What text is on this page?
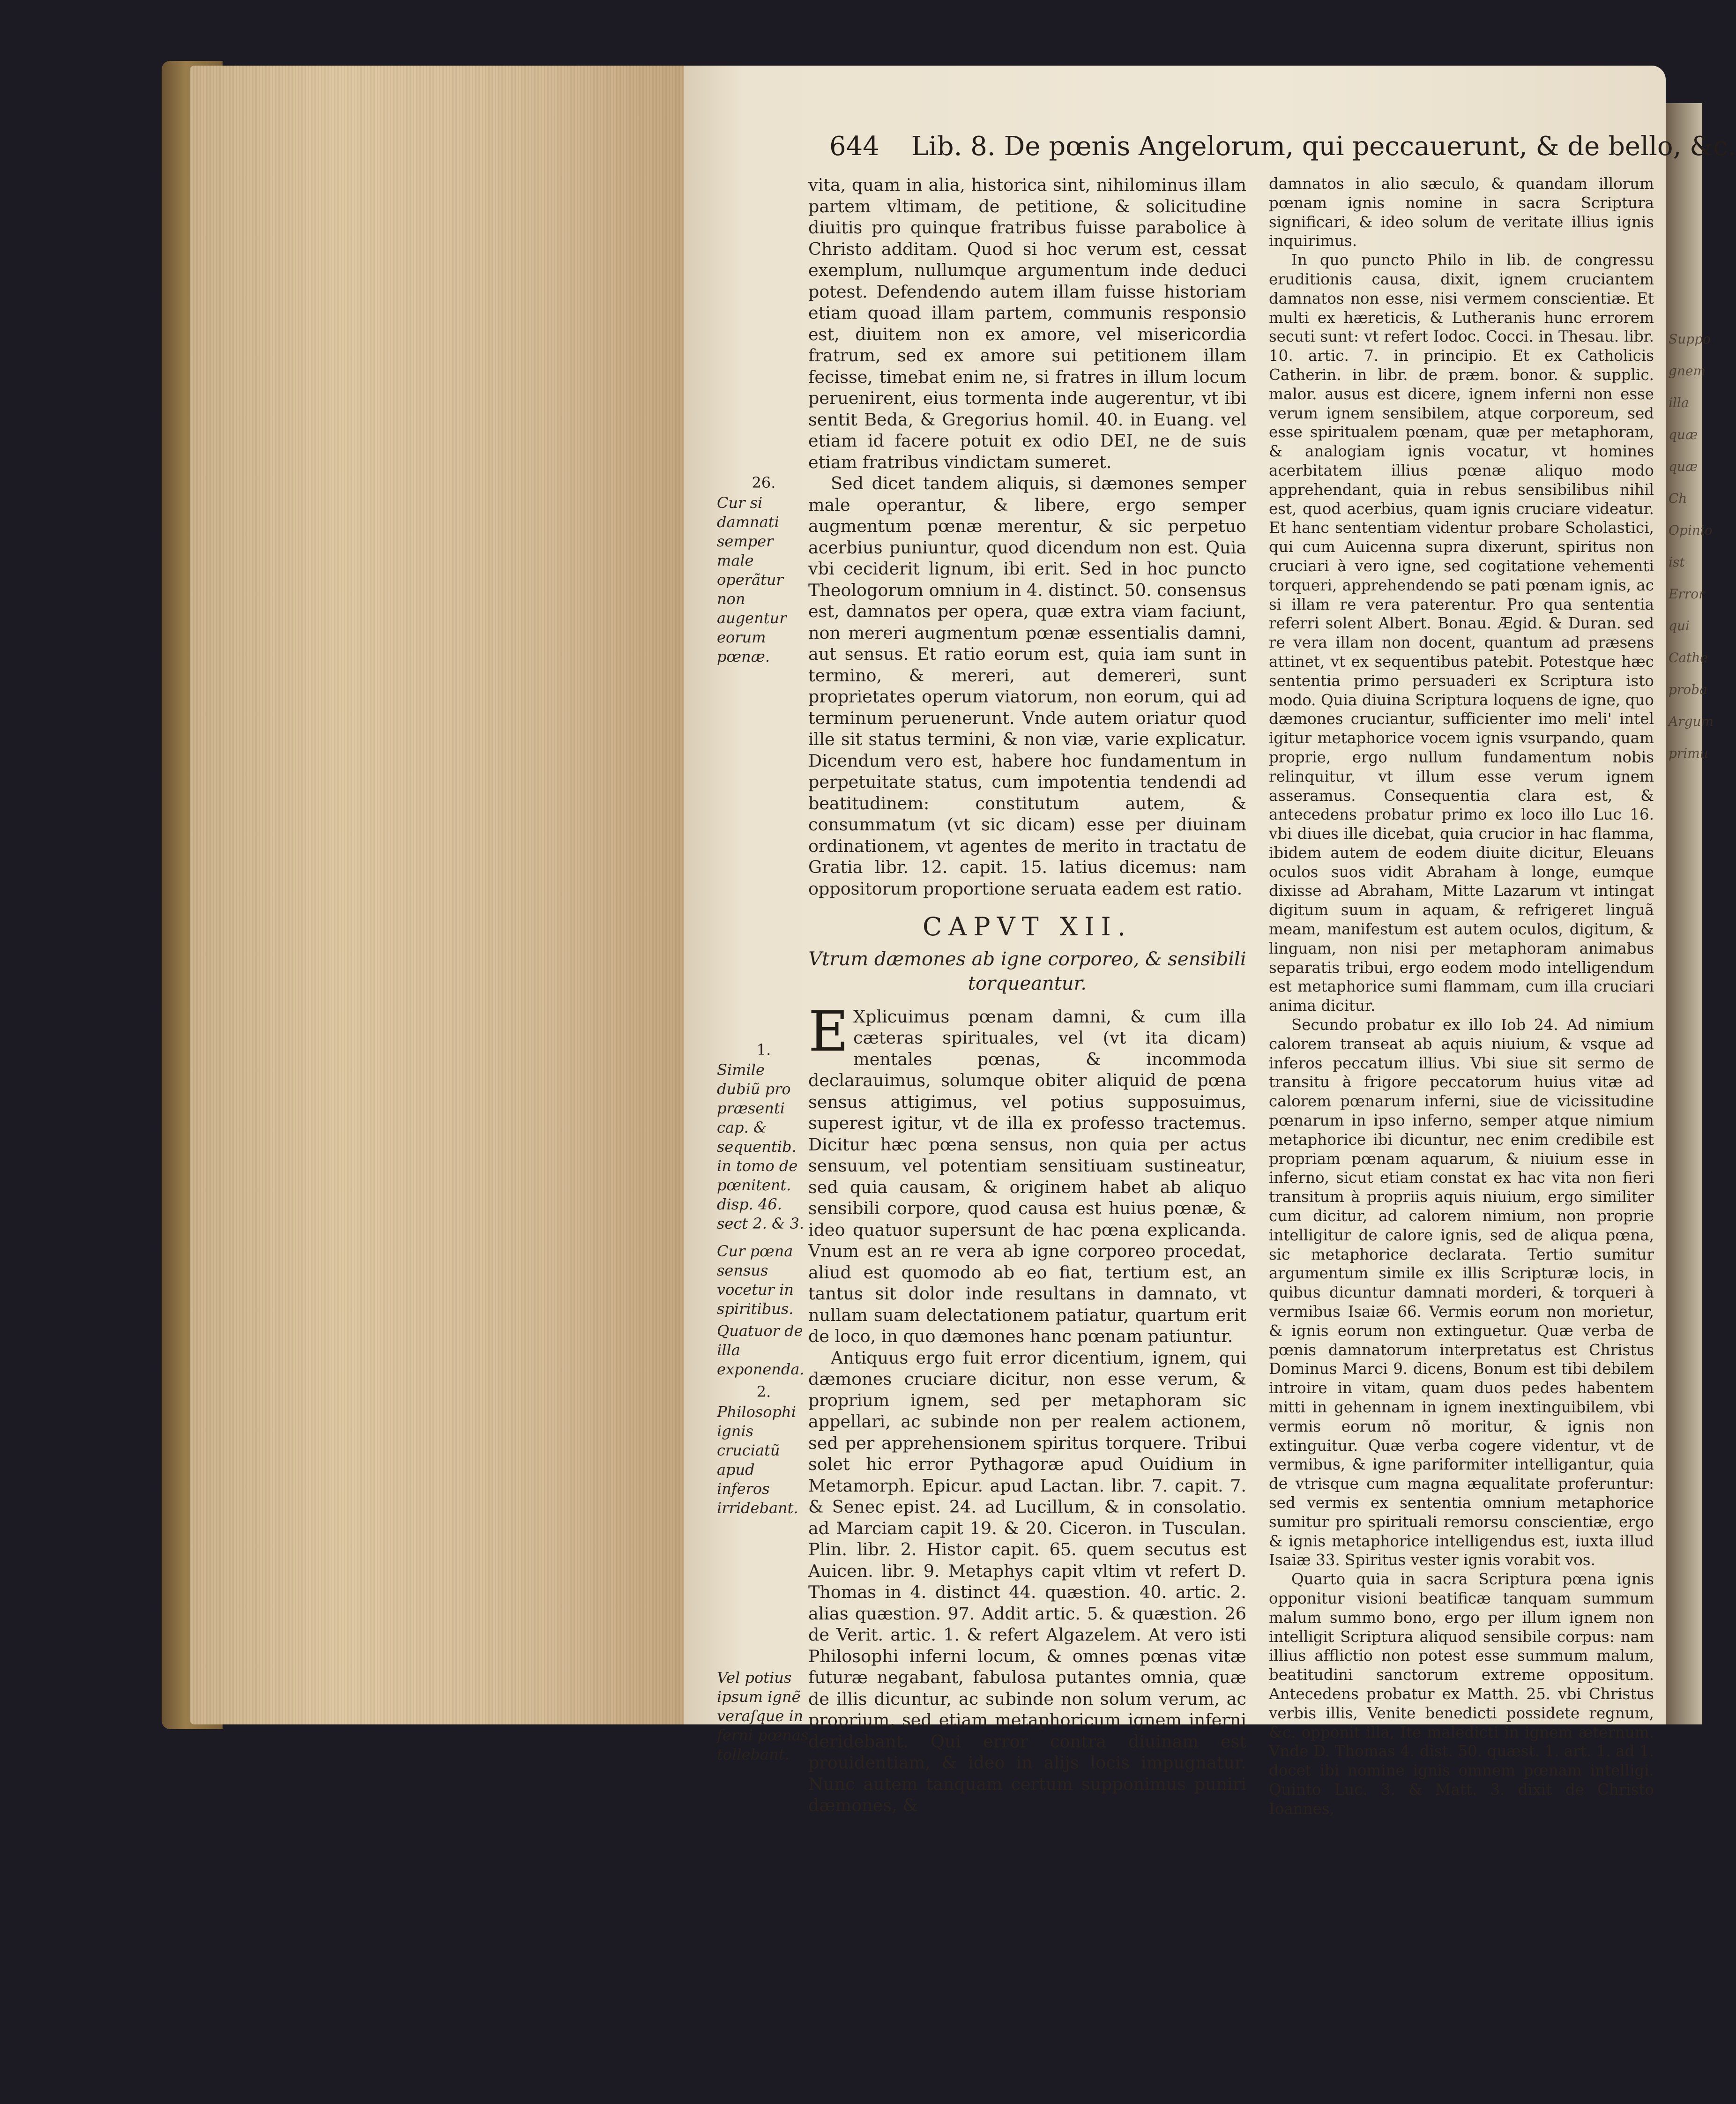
Suppo gnem illa quæ quæ Ch Opinio ist Error qui Cathe proba Argum primu
644 Lib. 8. De pœnis Angelorum, qui peccauerunt, & de bello, &c.
26.
Cur si damnati semper male operãtur non augentur eorum pœnæ.
1.
Simile dubiũ pro præsenti cap. & sequentib. in tomo de pœnitent. disp. 46. sect 2. & 3.
Cur pœna sensus vocetur in spiritibus.
Quatuor de illa exponenda.
2.
Philosophi ignis cruciatũ apud inferos irridebant.
Vel potius ipsum ignẽ veraſque in ferni pœnas tollebant.

vita, quam in alia, historica sint, nihilominus illam partem vltimam, de petitione, & solicitudine diuitis pro quinque fratribus fuisse parabolice à Christo additam. Quod si hoc verum est, cessat exemplum, nullumque argumentum inde deduci potest. Defendendo autem illam fuisse historiam etiam quoad illam partem, communis responsio est, diuitem non ex amore, vel misericordia fratrum, sed ex amore sui petitionem illam fecisse, timebat enim ne, si fratres in illum locum peruenirent, eius tormenta inde augerentur, vt ibi sentit Beda, & Gregorius homil. 40. in Euang. vel etiam id facere potuit ex odio DEI, ne de suis etiam fratribus vindictam sumeret.

Sed dicet tandem aliquis, si dæmones semper male operantur, & libere, ergo semper augmentum pœnæ merentur, & sic perpetuo acerbius puniuntur, quod dicendum non est. Quia vbi ceciderit lignum, ibi erit. Sed in hoc puncto Theologorum omnium in 4. distinct. 50. consensus est, damnatos per opera, quæ extra viam faciunt, non mereri augmentum pœnæ essentialis damni, aut sensus. Et ratio eorum est, quia iam sunt in termino, & mereri, aut demereri, sunt proprietates operum viatorum, non eorum, qui ad terminum peruenerunt. Vnde autem oriatur quod ille sit status termini, & non viæ, varie explicatur. Dicendum vero est, habere hoc fundamentum in perpetuitate status, cum impotentia tendendi ad beatitudinem: constitutum autem, & consummatum (vt sic dicam) esse per diuinam ordinationem, vt agentes de merito in tractatu de Gratia libr. 12. capit. 15. latius dicemus: nam oppositorum proportione seruata eadem est ratio.

CAPVT XII.
Vtrum dæmones ab igne corporeo, & sensibili torqueantur.

E Xplicuimus pœnam damni, & cum illa cæteras spirituales, vel (vt ita dicam) mentales pœnas, & incommoda declarauimus, solumque obiter aliquid de pœna sensus attigimus, vel potius supposuimus, superest igitur, vt de illa ex professo tractemus. Dicitur hæc pœna sensus, non quia per actus sensuum, vel potentiam sensitiuam sustineatur, sed quia causam, & originem habet ab aliquo sensibili corpore, quod causa est huius pœnæ, & ideo quatuor supersunt de hac pœna explicanda. Vnum est an re vera ab igne corporeo procedat, aliud est quomodo ab eo fiat, tertium est, an tantus sit dolor inde resultans in damnato, vt nullam suam delectationem patiatur, quartum erit de loco, in quo dæmones hanc pœnam patiuntur.

Antiquus ergo fuit error dicentium, ignem, qui dæmones cruciare dicitur, non esse verum, & proprium ignem, sed per metaphoram sic appellari, ac subinde non per realem actionem, sed per apprehensionem spiritus torquere. Tribui solet hic error Pythagoræ apud Ouidium in Metamorph. Epicur. apud Lactan. libr. 7. capit. 7. & Senec epist. 24. ad Lucillum, & in consolatio. ad Marciam capit 19. & 20. Ciceron. in Tusculan. Plin. libr. 2. Histor capit. 65. quem secutus est Auicen. libr. 9. Metaphys capit vltim vt refert D. Thomas in 4. distinct 44. quæstion. 40. artic. 2. alias quæstion. 97. Addit artic. 5. & quæstion. 26 de Verit. artic. 1. & refert Algazelem. At vero isti Philosophi inferni locum, & omnes pœnas vitæ futuræ negabant, fabulosa putantes omnia, quæ de illis dicuntur, ac subinde non solum verum, ac proprium, sed etiam metaphoricum ignem inferni deridebant. Qui error contra diuinam est prouidentiam, & ideo in alijs locis impugnatur. Nunc autem tanquam certum supponimus puniri dæmones, &

damnatos in alio sæculo, & quandam illorum pœnam ignis nomine in sacra Scriptura significari, & ideo solum de veritate illius ignis inquirimus.

In quo puncto Philo in lib. de congressu eruditionis causa, dixit, ignem cruciantem damnatos non esse, nisi vermem conscientiæ. Et multi ex hæreticis, & Lutheranis hunc errorem secuti sunt: vt refert Iodoc. Cocci. in Thesau. libr. 10. artic. 7. in principio. Et ex Catholicis Catherin. in libr. de præm. bonor. & supplic. malor. ausus est dicere, ignem inferni non esse verum ignem sensibilem, atque corporeum, sed esse spiritualem pœnam, quæ per metaphoram, & analogiam ignis vocatur, vt homines acerbitatem illius pœnæ aliquo modo apprehendant, quia in rebus sensibilibus nihil est, quod acerbius, quam ignis cruciare videatur. Et hanc sententiam videntur probare Scholastici, qui cum Auicenna supra dixerunt, spiritus non cruciari à vero igne, sed cogitatione vehementi torqueri, apprehendendo se pati pœnam ignis, ac si illam re vera paterentur. Pro qua sententia referri solent Albert. Bonau. Ægid. & Duran. sed re vera illam non docent, quantum ad præsens attinet, vt ex sequentibus patebit. Potestque hæc sententia primo persuaderi ex Scriptura isto modo. Quia diuina Scriptura loquens de igne, quo dæmones cruciantur, sufficienter imo meli' intel igitur metaphorice vocem ignis vsurpando, quam proprie, ergo nullum fundamentum nobis relinquitur, vt illum esse verum ignem asseramus. Consequentia clara est, & antecedens probatur primo ex loco illo Luc 16. vbi diues ille dicebat, quia crucior in hac flamma, ibidem autem de eodem diuite dicitur, Eleuans oculos suos vidit Abraham à longe, eumque dixisse ad Abraham, Mitte Lazarum vt intingat digitum suum in aquam, & refrigeret linguã meam, manifestum est autem oculos, digitum, & linguam, non nisi per metaphoram animabus separatis tribui, ergo eodem modo intelligendum est metaphorice sumi flammam, cum illa cruciari anima dicitur.

Secundo probatur ex illo Iob 24. Ad nimium calorem transeat ab aquis niuium, & vsque ad inferos peccatum illius. Vbi siue sit sermo de transitu à frigore peccatorum huius vitæ ad calorem pœnarum inferni, siue de vicissitudine pœnarum in ipso inferno, semper atque nimium metaphorice ibi dicuntur, nec enim credibile est propriam pœnam aquarum, & niuium esse in inferno, sicut etiam constat ex hac vita non fieri transitum à propriis aquis niuium, ergo similiter cum dicitur, ad calorem nimium, non proprie intelligitur de calore ignis, sed de aliqua pœna, sic metaphorice declarata. Tertio sumitur argumentum simile ex illis Scripturæ locis, in quibus dicuntur damnati morderi, & torqueri à vermibus Isaiæ 66. Vermis eorum non morietur, & ignis eorum non extinguetur. Quæ verba de pœnis damnatorum interpretatus est Christus Dominus Marci 9. dicens, Bonum est tibi debilem introire in vitam, quam duos pedes habentem mitti in gehennam in ignem inextinguibilem, vbi vermis eorum nõ moritur, & ignis non extinguitur. Quæ verba cogere videntur, vt de vermibus, & igne pariformiter intelligantur, quia de vtrisque cum magna æqualitate proferuntur: sed vermis ex sententia omnium metaphorice sumitur pro spirituali remorsu conscientiæ, ergo & ignis metaphorice intelligendus est, iuxta illud Isaiæ 33. Spiritus vester ignis vorabit vos.

Quarto quia in sacra Scriptura pœna ignis opponitur visioni beatificæ tanquam summum malum summo bono, ergo per illum ignem non intelligit Scriptura aliquod sensibile corpus: nam illius afflictio non potest esse summum malum, beatitudini sanctorum extreme oppositum. Antecedens probatur ex Matth. 25. vbi Christus verbis illis, Venite benedicti possidete regnum, &c. opponit illa, Ite maledicti in ignem æternum. Vnde D. Thomas 4. dist. 50. quæst. 1. art. 1. ad 1. docet ibi nomine ignis omnem pœnam intelligi. Quinto Luc. 3. & Matt. 3. dixit de Christo Ioannes,
